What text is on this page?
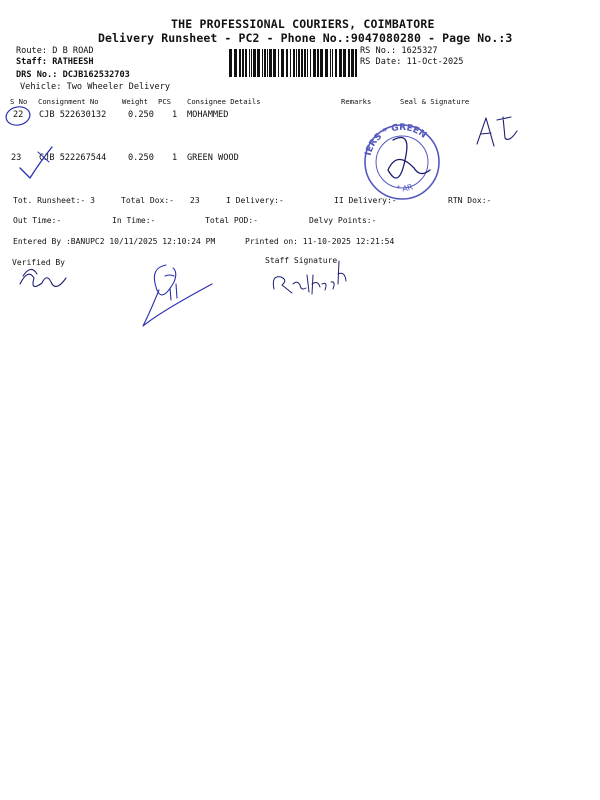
THE PROFESSIONAL COURIERS, COIMBATORE
Delivery Runsheet - PC2 - Phone No.:9047080280 - Page No.:3
Route: D B ROAD
Staff: RATHEESH
DRS No.: DCJB162532703
Vehicle: Two Wheeler Delivery
RS No.: 1625327
RS Date: 11-Oct-2025
S No Consignment No	Weight PCS Consignee Details	Remarks	Seal & Signature
22 CJB 522630132	0.250 1 MOHAMMED
23 CJB 522267544	0.250 1 GREEN WOOD
Tot. Runsheet:- 3	Total Dox:- 23	I Delivery:-	II Delivery:-	RTN Dox:-
Out Time:-	In Time:-	Total POD:-	Delvy Points:-
Entered By :BANUPC2 10/11/2025 12:10:24 PM	Printed on: 11-10-2025 12:21:54
Verified By	Staff Signature
IERS * GREEN
* AR
